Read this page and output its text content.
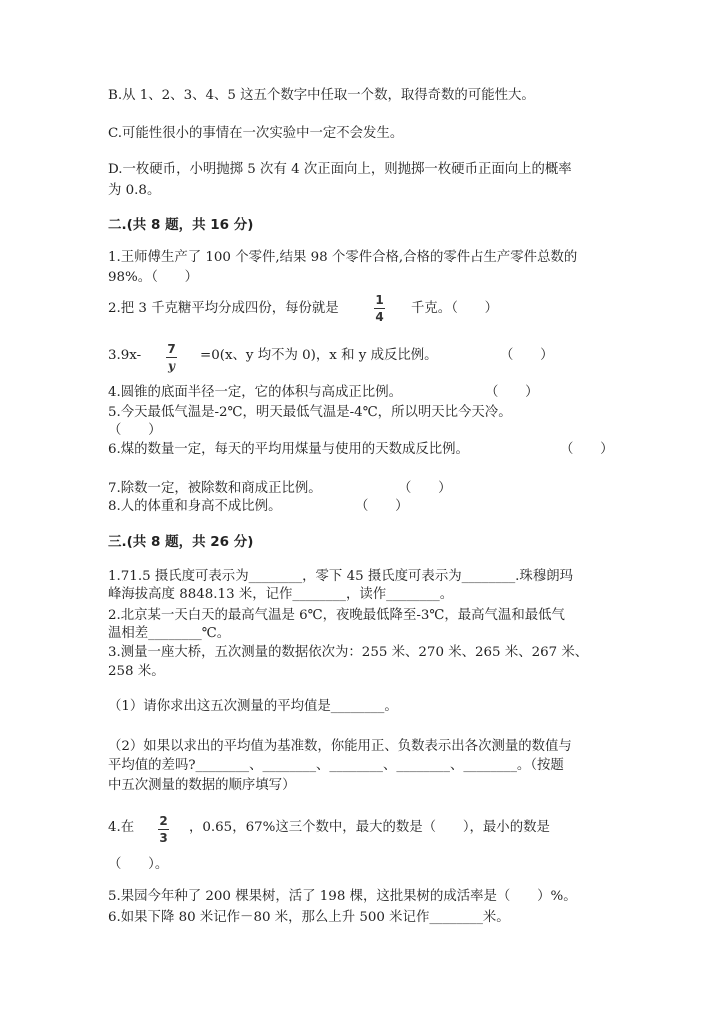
B.从 1、2、3、4、5 这五个数字中任取一个数，取得奇数的可能性大。
C.可能性很小的事情在一次实验中一定不会发生。
D.一枚硬币，小明抛掷 5 次有 4 次正面向上，则抛掷一枚硬币正面向上的概率
为 0.8。
二.(共 8 题，共 16 分)
1.王师傅生产了 100 个零件,结果 98 个零件合格,合格的零件占生产零件总数的
98%。（　　）
2.把 3 千克糖平均分成四份，每份就是
1
4
千克。（　　）
3.9x- 7
y
=0(x、y 均不为 0)，x 和 y 成反比例。	（　　）
4.圆锥的底面半径一定，它的体积与高成正比例。	（　　）
5.今天最低气温是-2℃，明天最低气温是-4℃，所以明天比今天冷。
（　　）
6.煤的数量一定，每天的平均用煤量与使用的天数成反比例。	（　　）
7.除数一定，被除数和商成正比例。	（　　）
8.人的体重和身高不成比例。	（　　）
三.(共 8 题，共 26 分)
1.71.5 摄氏度可表示为________，零下 45 摄氏度可表示为________.珠穆朗玛
峰海拔高度 8848.13 米，记作________，读作________。
2.北京某一天白天的最高气温是 6℃，夜晚最低降至-3℃，最高气温和最低气
温相差________℃。
3.测量一座大桥，五次测量的数据依次为：255 米、270 米、265 米、267 米、
258 米。
（1）请你求出这五次测量的平均值是________。
（2）如果以求出的平均值为基准数，你能用正、负数表示出各次测量的数值与
平均值的差吗?________、________、________、________、________。（按题
中五次测量的数据的顺序填写）
4.在 2
3
，0.65，67%这三个数中，最大的数是（　　），最小的数是
（　　）。
5.果园今年种了 200 棵果树，活了 198 棵，这批果树的成活率是（　　）%。
6.如果下降 80 米记作－80 米，那么上升 500 米记作________米。
